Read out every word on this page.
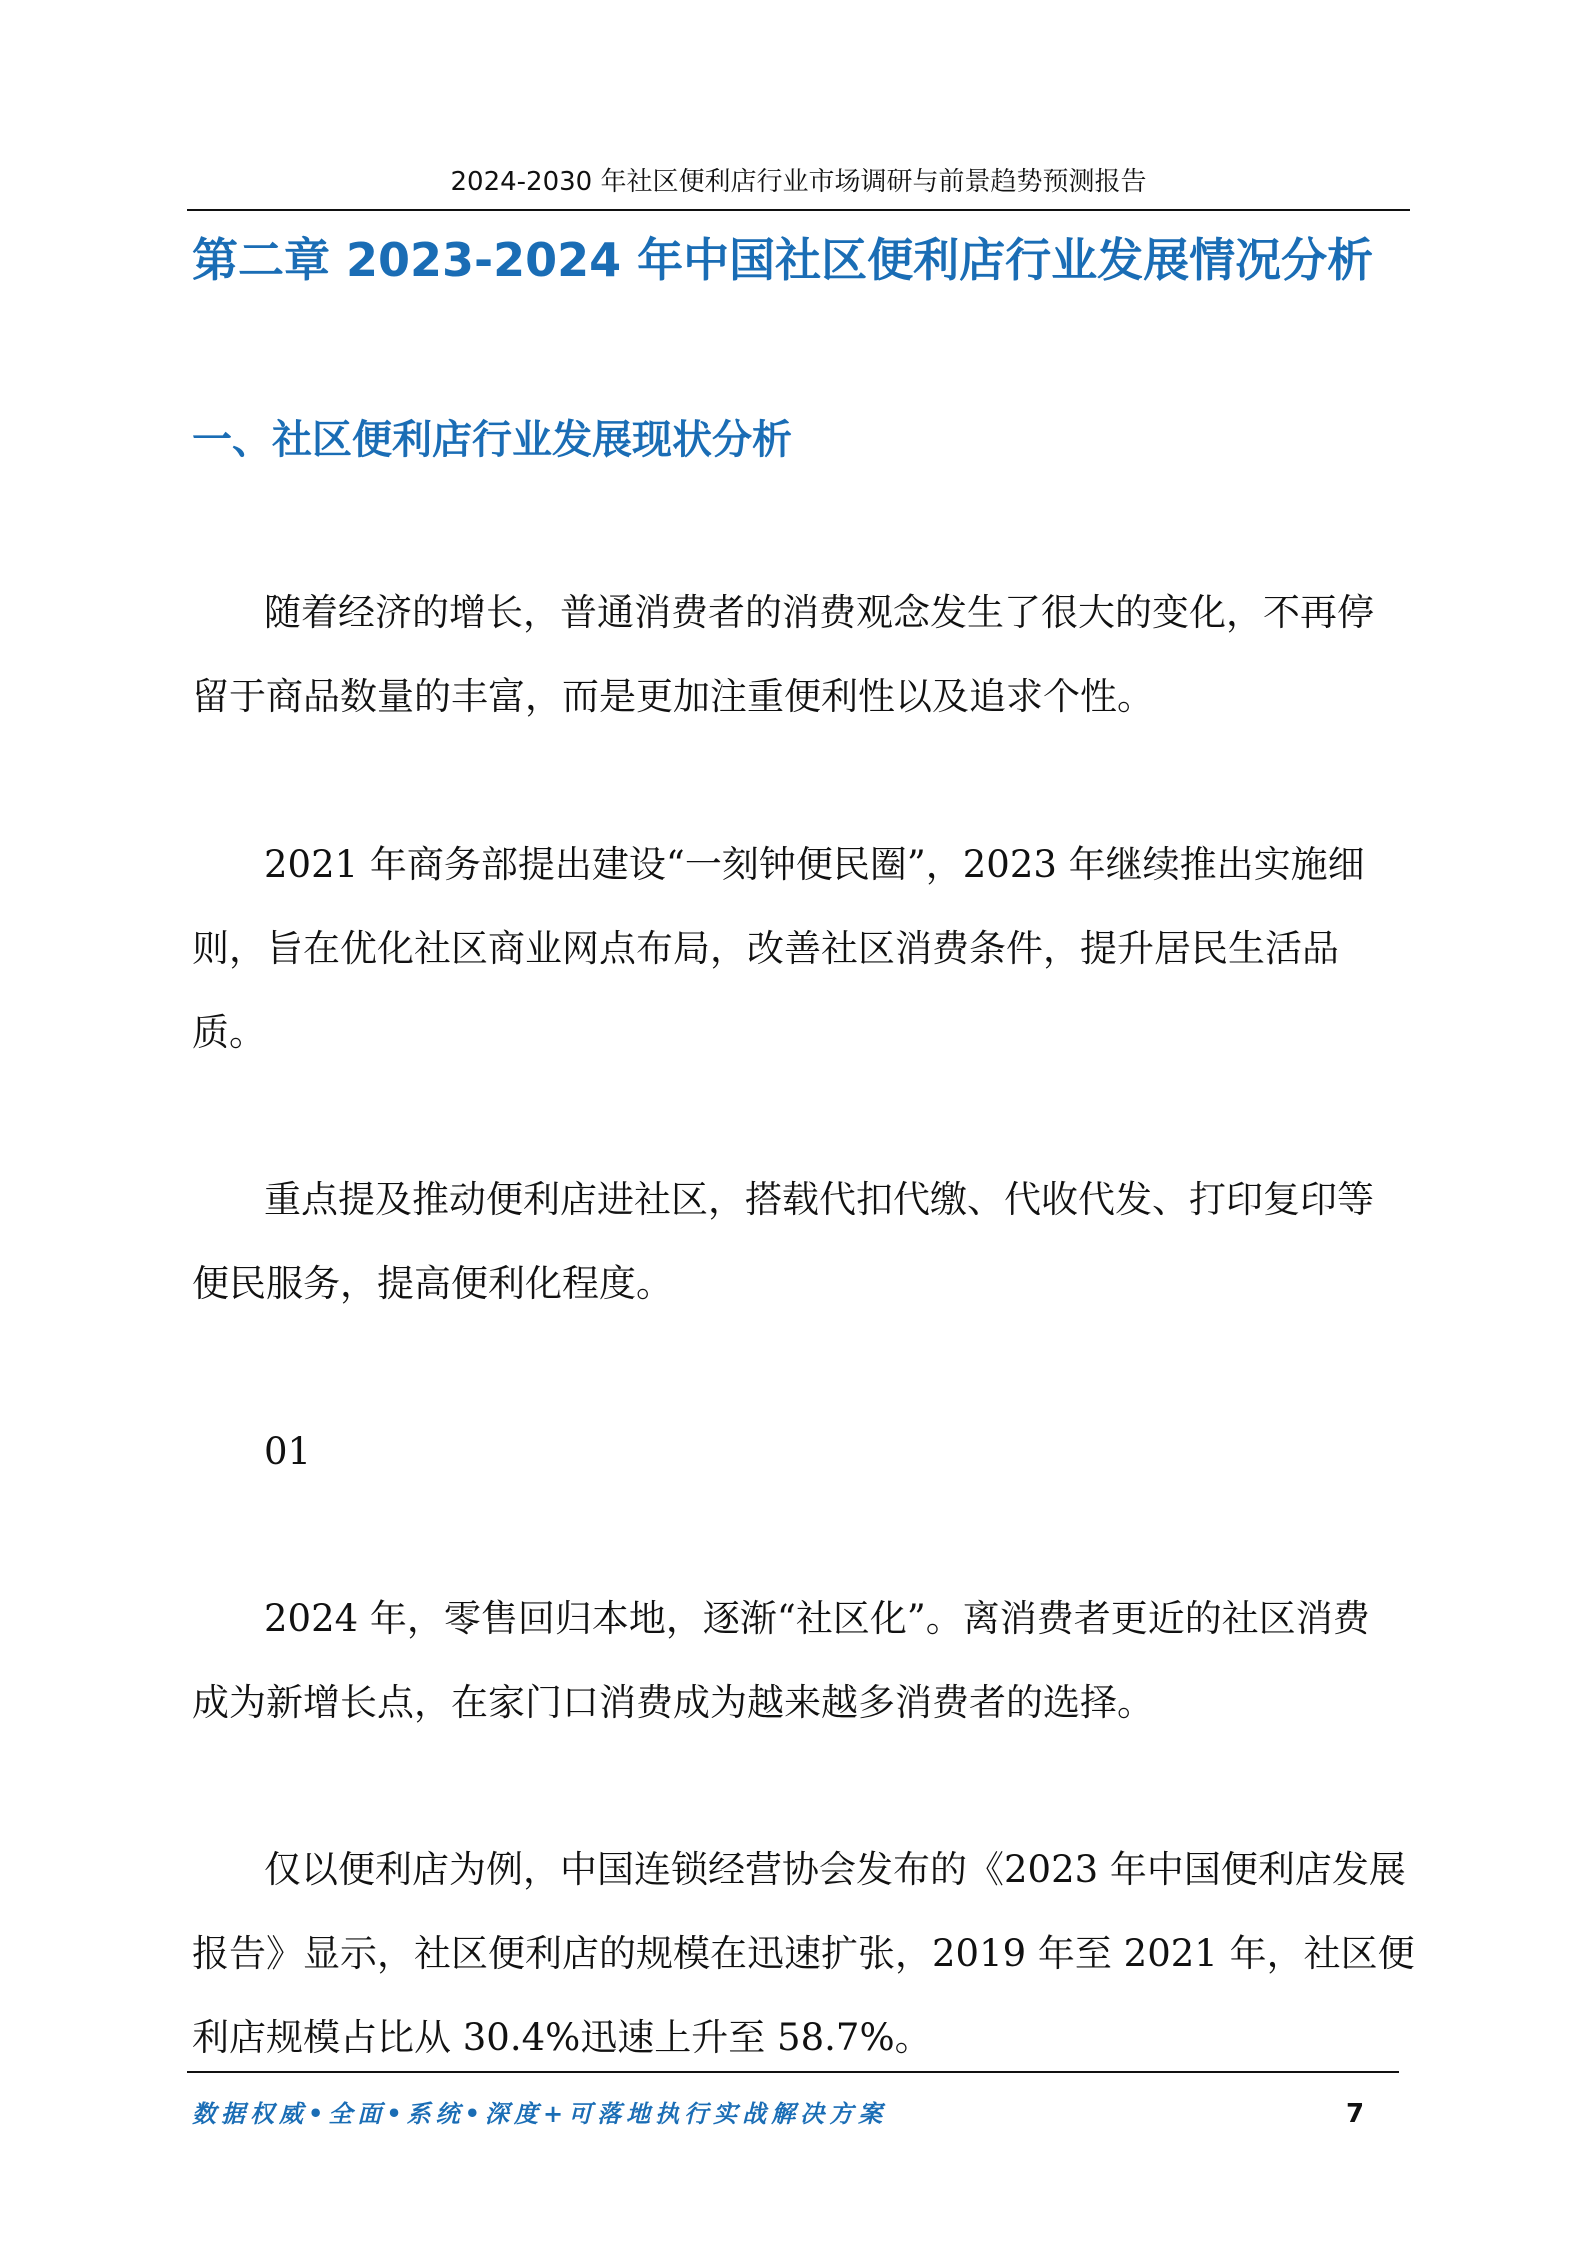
2024-2030 年社区便利店行业市场调研与前景趋势预测报告
第二章 2023-2024 年中国社区便利店行业发展情况分析
一、社区便利店行业发展现状分析
随着经济的增长，普通消费者的消费观念发生了很大的变化，不再停
留于商品数量的丰富，而是更加注重便利性以及追求个性。
2021 年商务部提出建设“一刻钟便民圈”，2023 年继续推出实施细
则，旨在优化社区商业网点布局，改善社区消费条件，提升居民生活品
质。
重点提及推动便利店进社区，搭载代扣代缴、代收代发、打印复印等
便民服务，提高便利化程度。
01
2024 年，零售回归本地，逐渐“社区化”。离消费者更近的社区消费
成为新增长点，在家门口消费成为越来越多消费者的选择。
仅以便利店为例，中国连锁经营协会发布的《2023 年中国便利店发展
报告》显示，社区便利店的规模在迅速扩张，2019 年至 2021 年，社区便
利店规模占比从 30.4%迅速上升至 58.7%。
数据权威•全面•系统•深度+可落地执行实战解决方案	7
